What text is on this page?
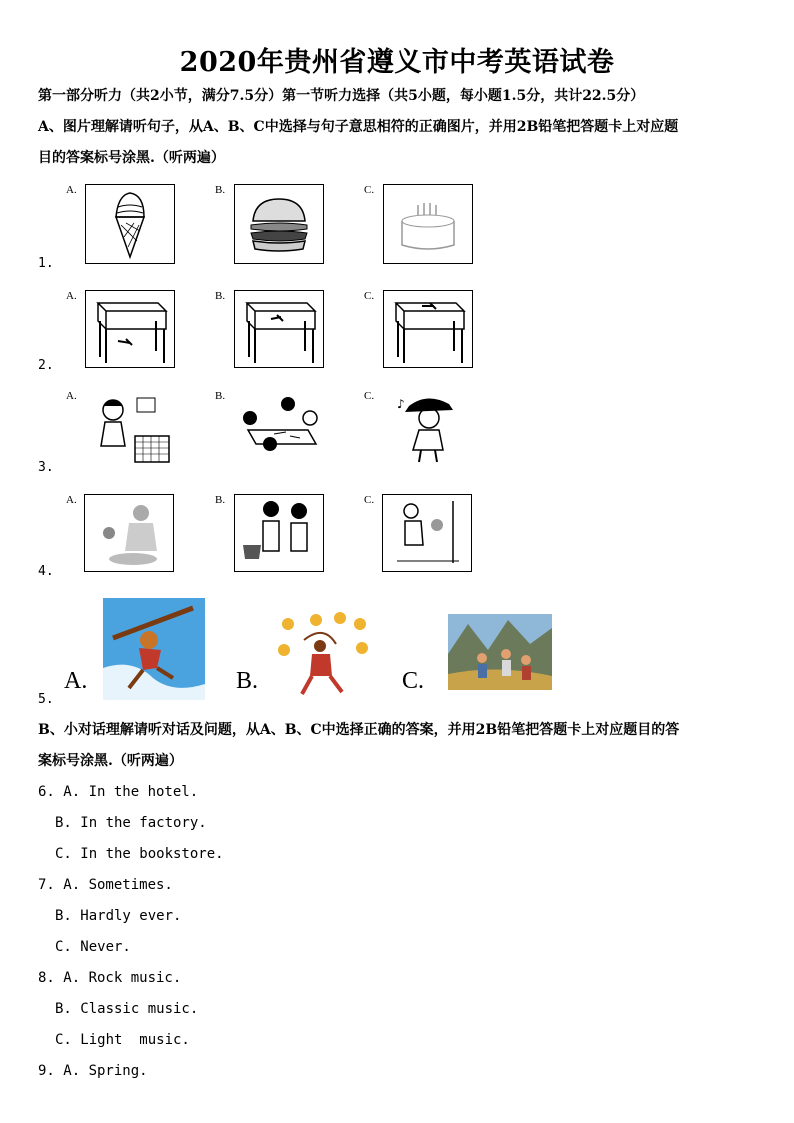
2020年贵州省遵义市中考英语试卷
第一部分听力（共2小节，满分7.5分）第一节听力选择（共5小题，每小题1.5分，共计22.5分）
A、图片理解请听句子，从A、B、C中选择与句子意思相符的正确图片，并用2B铅笔把答题卡上对应题
目的答案标号涂黑.（听两遍）
A.	B.	C.
1.
A.	B.	C.
2.
A.	B.	C.
♪
3.
A.	B.	C.
4.
A.	B.	C.
5.
B、小对话理解请听对话及问题，从A、B、C中选择正确的答案，并用2B铅笔把答题卡上对应题目的答
案标号涂黑.（听两遍）
6. A. In the hotel.
B. In the factory.
C. In the bookstore.
7. A. Sometimes.
B. Hardly ever.
C. Never.
8. A. Rock music.
B. Classic music.
C. Light  music.
9. A. Spring.
